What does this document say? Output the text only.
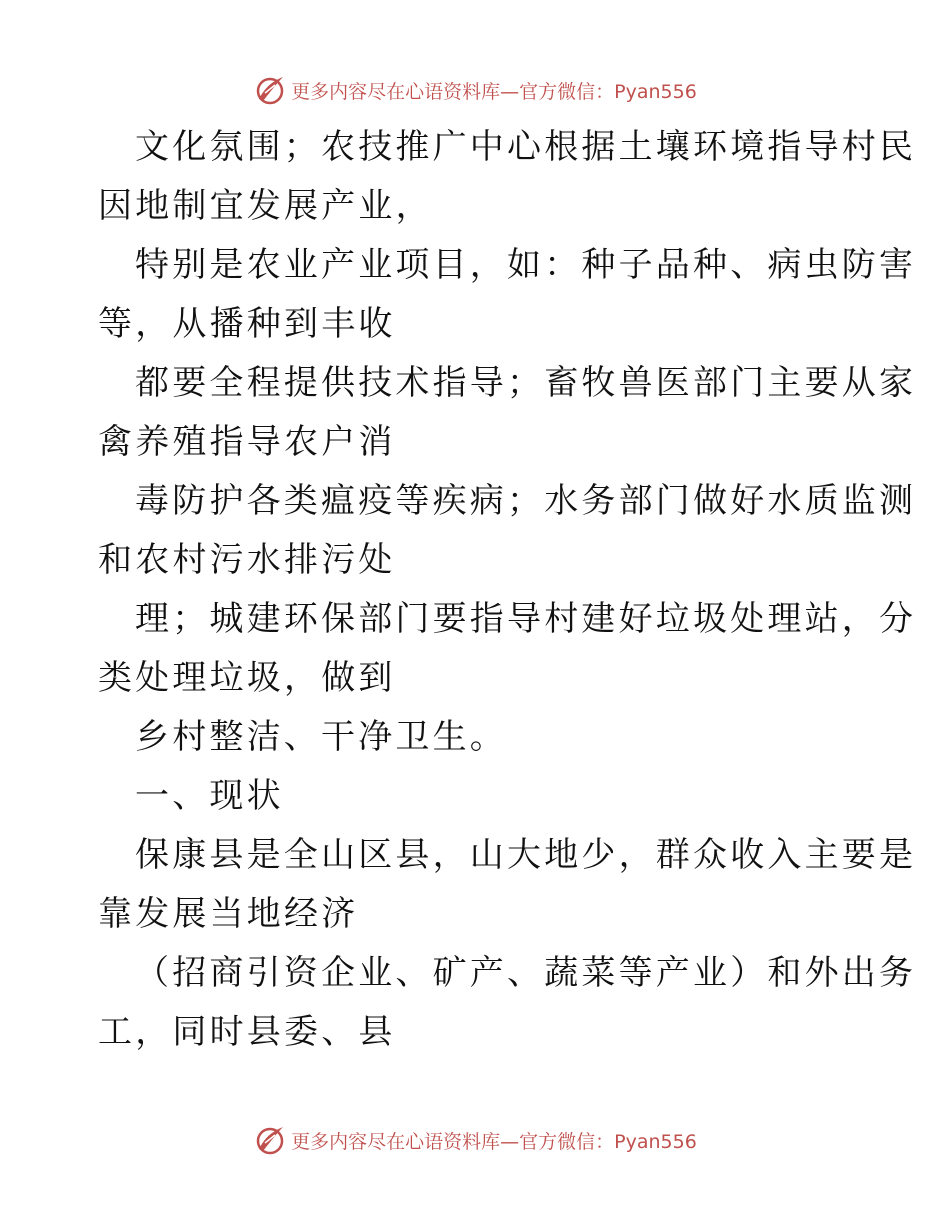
更多内容尽在心语资料库—官方微信：Pyan556

文化氛围；农技推广中心根据土壤环境指导村民
因地制宜发展产业，

特别是农业产业项目，如：种子品种、病虫防害
等，从播种到丰收

都要全程提供技术指导；畜牧兽医部门主要从家
禽养殖指导农户消

毒防护各类瘟疫等疾病；水务部门做好水质监测
和农村污水排污处

理；城建环保部门要指导村建好垃圾处理站，分
类处理垃圾，做到

乡村整洁、干净卫生。

一、现状

保康县是全山区县，山大地少，群众收入主要是
靠发展当地经济

（招商引资企业、矿产、蔬菜等产业）和外出务
工，同时县委、县

更多内容尽在心语资料库—官方微信：Pyan556
